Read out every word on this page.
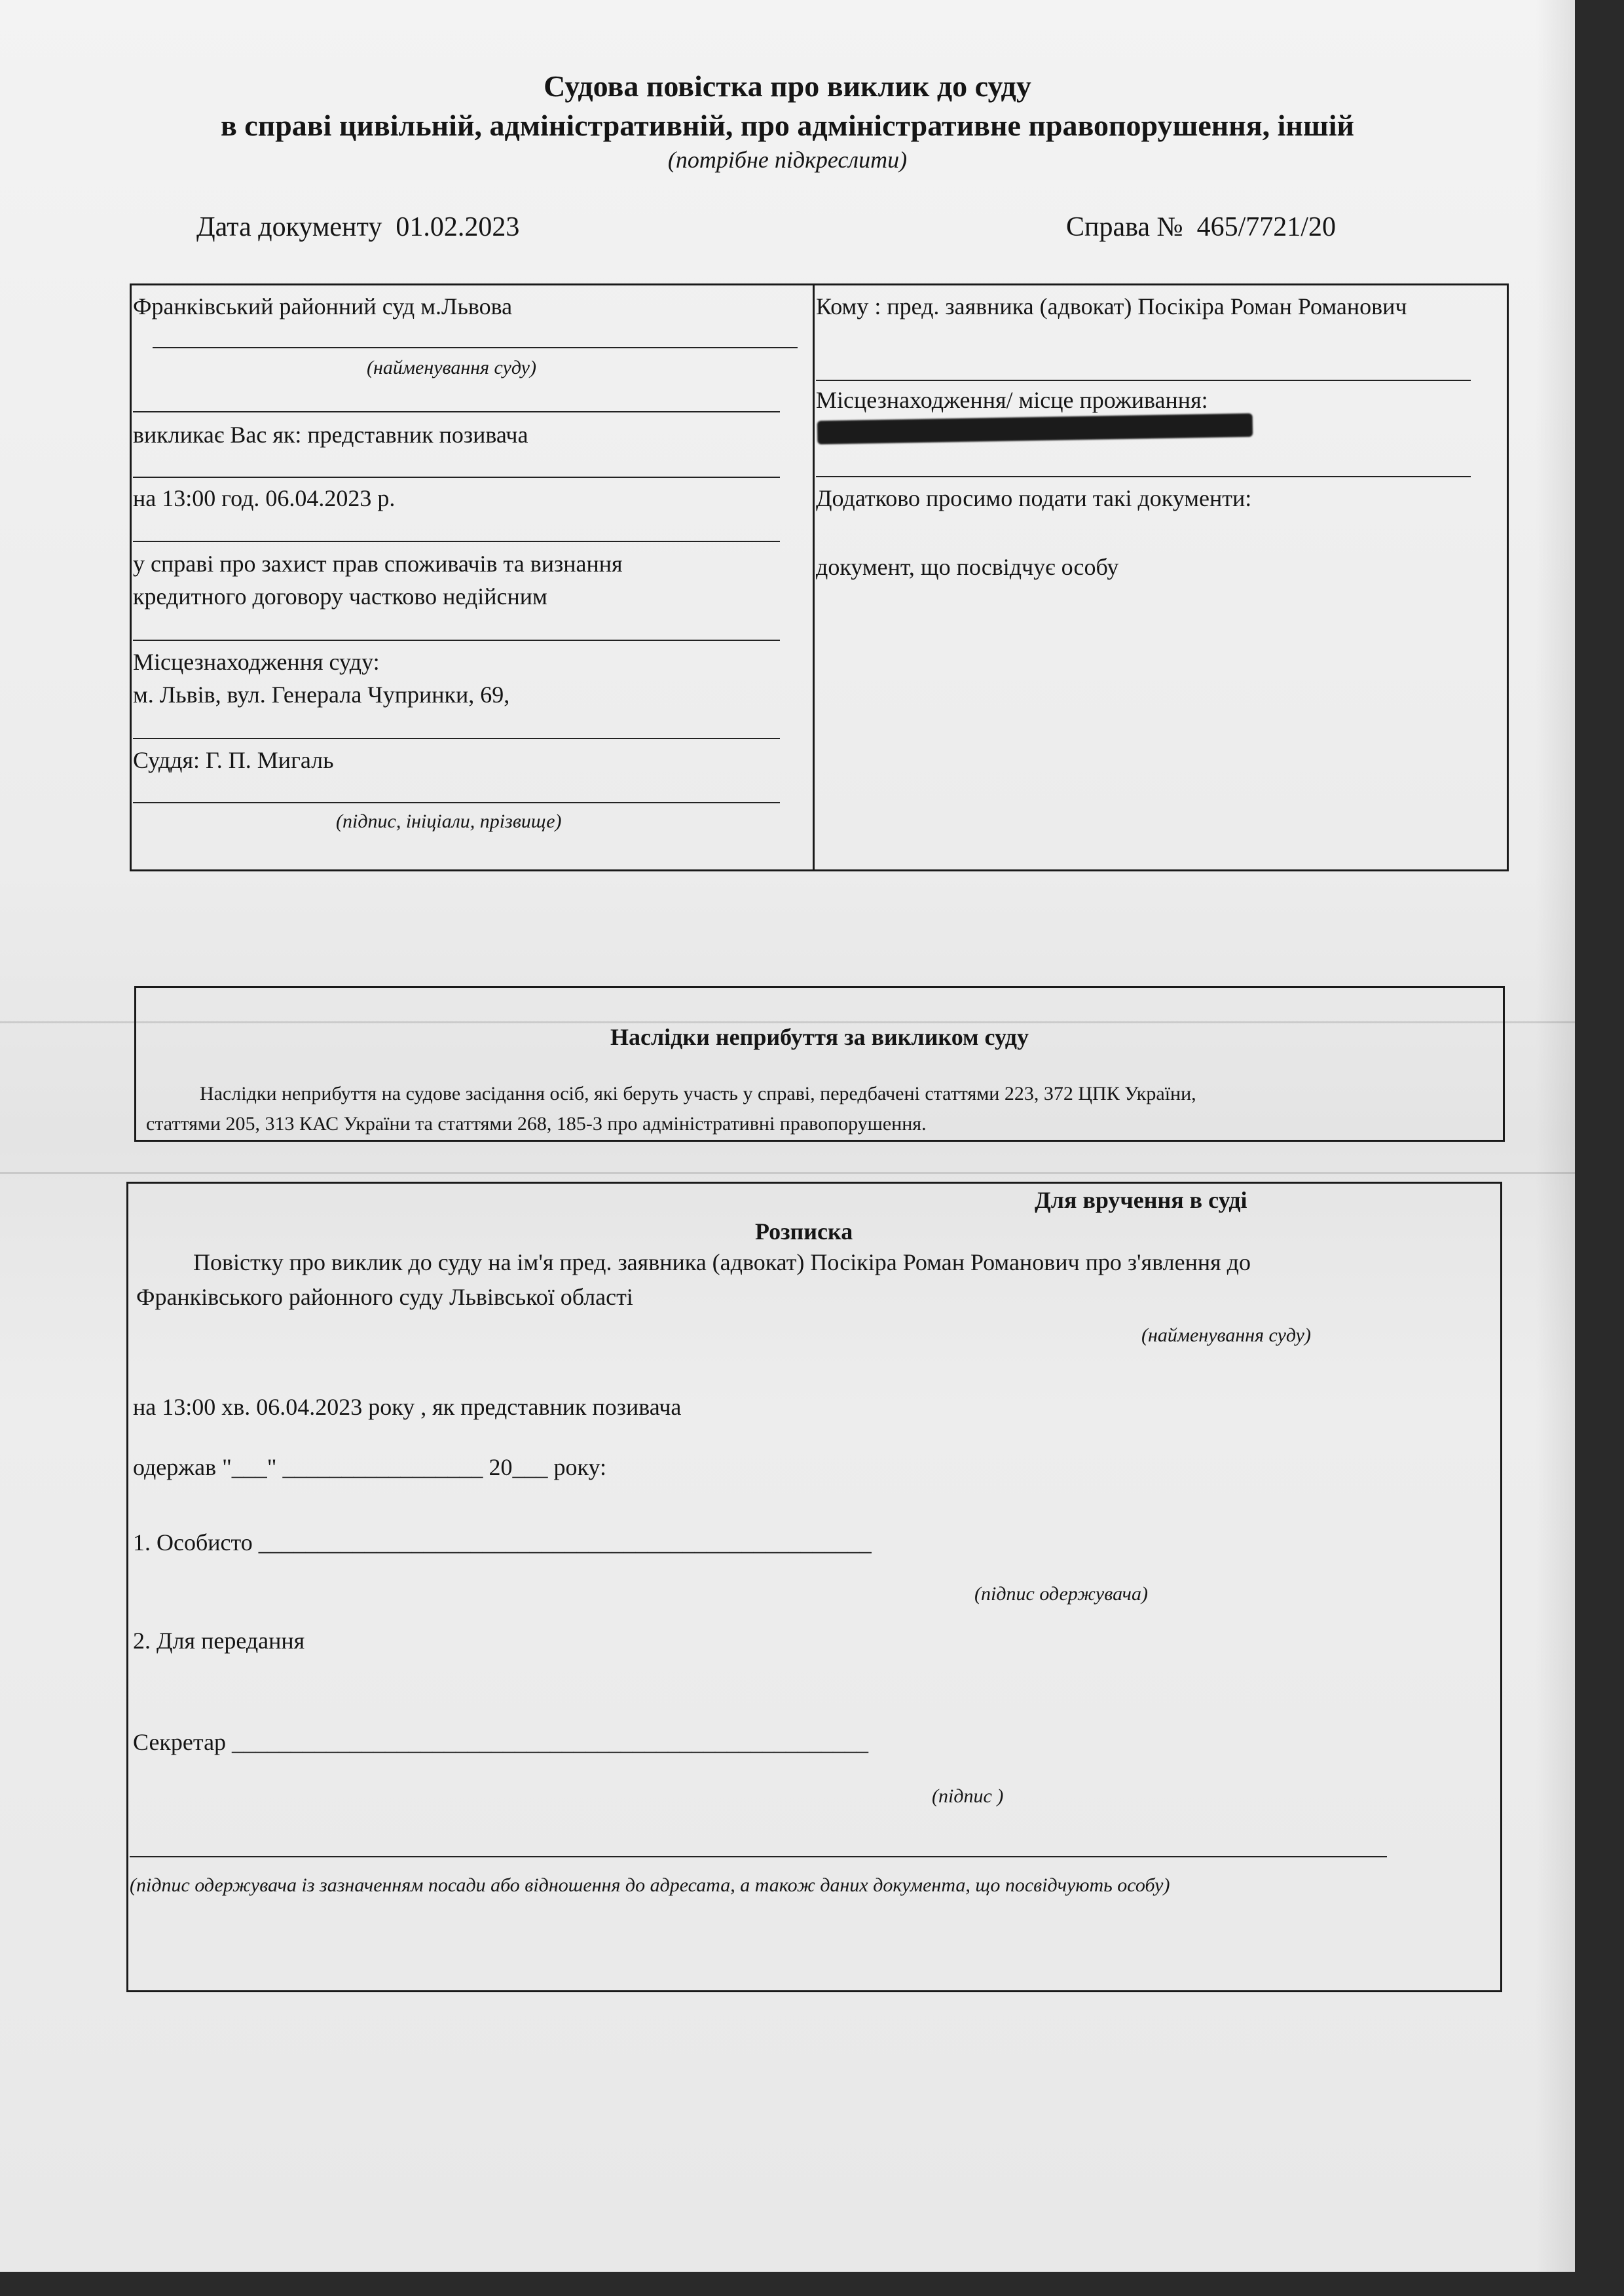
Судова повістка про виклик до суду
в справі цивільній, адміністративній, про адміністративне правопорушення, іншій
(потрібне підкреслити)
Дата документу 01.02.2023	Справа № 465/7721/20
Франківський районний суд м.Львова
(найменування суду)
викликає Вас як: представник позивача
на 13:00 год. 06.04.2023 р.
у справі про захист прав споживачів та визнання
кредитного договору частково недійсним
Місцезнаходження суду:
м. Львів, вул. Генерала Чупринки, 69,
Суддя: Г. П. Мигаль
(підпис, ініціали, прізвище)
Кому : пред. заявника (адвокат) Посікіра Роман Романович
Місцезнаходження/ місце проживання:
Додатково просимо подати такі документи:
документ, що посвідчує особу
Наслідки неприбуття за викликом суду
Наслідки неприбуття на судове засідання осіб, які беруть участь у справі, передбачені статтями 223, 372 ЦПК України,
статтями 205, 313 КАС України та статтями 268, 185-3 про адміністративні правопорушення.
Для вручення в суді
Розписка
Повістку про виклик до суду на ім'я пред. заявника (адвокат) Посікіра Роман Романович про з'явлення до
Франківського районного суду Львівської області
(найменування суду)
на 13:00 хв. 06.04.2023 року , як представник позивача
одержав "___" _________________ 20___ року:
1. Особисто ____________________________________________________
(підпис одержувача)
2. Для передання
Секретар ______________________________________________________
(підпис )
(підпис одержувача із зазначенням посади або відношення до адресата, а також даних документа, що посвідчують особу)
